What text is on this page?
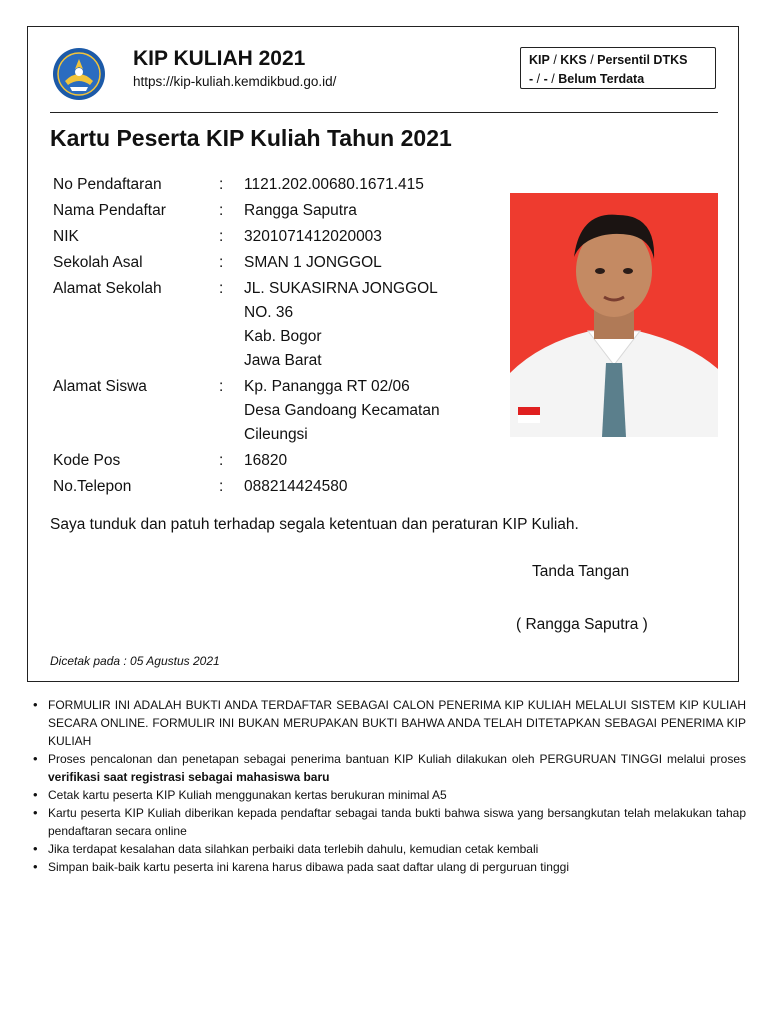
KIP KULIAH 2021
https://kip-kuliah.kemdikbud.go.id/
KIP / KKS / Persentil DTKS
- / - / Belum Terdata
Kartu Peserta KIP Kuliah Tahun 2021
No Pendaftaran	:	1121.202.00680.1671.415
Nama Pendaftar	:	Rangga Saputra
NIK	:	3201071412020003
Sekolah Asal	:	SMAN 1 JONGGOL
Alamat Sekolah	:	JL. SUKASIRNA JONGGOL
NO. 36
Kab. Bogor
Jawa Barat
Alamat Siswa	:	Kp. Panangga RT 02/06
Desa Gandoang Kecamatan
Cileungsi
Kode Pos	:	16820
No.Telepon	:	088214424580
Saya tunduk dan patuh terhadap segala ketentuan dan peraturan KIP Kuliah.
Tanda Tangan
( Rangga Saputra )
Dicetak pada : 05 Agustus 2021
• FORMULIR INI ADALAH BUKTI ANDA TERDAFTAR SEBAGAI CALON PENERIMA KIP KULIAH MELALUI SISTEM KIP KULIAH SECARA ONLINE. FORMULIR INI BUKAN MERUPAKAN BUKTI BAHWA ANDA TELAH DITETAPKAN SEBAGAI PENERIMA KIP KULIAH
• Proses pencalonan dan penetapan sebagai penerima bantuan KIP Kuliah dilakukan oleh PERGURUAN TINGGI melalui proses verifikasi saat registrasi sebagai mahasiswa baru
• Cetak kartu peserta KIP Kuliah menggunakan kertas berukuran minimal A5
• Kartu peserta KIP Kuliah diberikan kepada pendaftar sebagai tanda bukti bahwa siswa yang bersangkutan telah melakukan tahap pendaftaran secara online
• Jika terdapat kesalahan data silahkan perbaiki data terlebih dahulu, kemudian cetak kembali
• Simpan baik-baik kartu peserta ini karena harus dibawa pada saat daftar ulang di perguruan tinggi
